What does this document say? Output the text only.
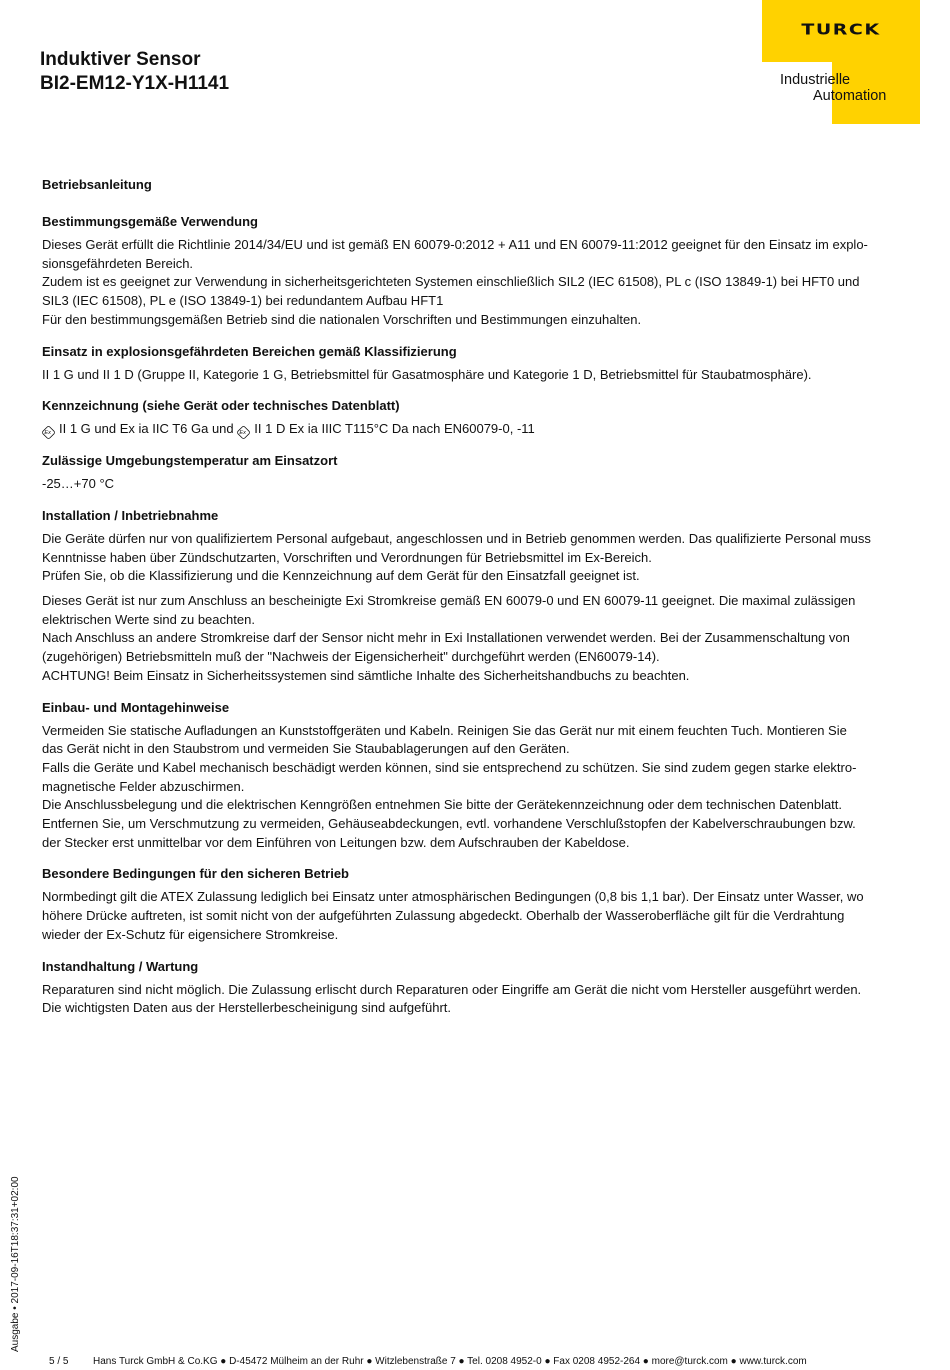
Induktiver Sensor
BI2-EM12-Y1X-H1141
TURCK
Industrielle
Automation
Betriebsanleitung
Bestimmungsgemäße Verwendung
Dieses Gerät erfüllt die Richtlinie 2014/34/EU und ist gemäß EN 60079-0:2012 + A11 und EN 60079-11:2012 geeignet für den Einsatz im explo-
sionsgefährdeten Bereich.
Zudem ist es geeignet zur Verwendung in sicherheitsgerichteten Systemen einschließlich SIL2 (IEC 61508), PL c (ISO 13849-1) bei HFT0 und
SIL3 (IEC 61508), PL e (ISO 13849-1) bei redundantem Aufbau HFT1
Für den bestimmungsgemäßen Betrieb sind die nationalen Vorschriften und Bestimmungen einzuhalten.
Einsatz in explosionsgefährdeten Bereichen gemäß Klassifizierung
II 1 G und II 1 D (Gruppe II, Kategorie 1 G, Betriebsmittel für Gasatmosphäre und Kategorie 1 D, Betriebsmittel für Staubatmosphäre).
Kennzeichnung (siehe Gerät oder technisches Datenblatt)
Ex II 1 G und Ex ia IIC T6 Ga und Ex II 1 D Ex ia IIIC T115°C Da nach EN60079-0, -11
Zulässige Umgebungstemperatur am Einsatzort
-25…+70 °C
Installation / Inbetriebnahme
Die Geräte dürfen nur von qualifiziertem Personal aufgebaut, angeschlossen und in Betrieb genommen werden. Das qualifizierte Personal muss
Kenntnisse haben über Zündschutzarten, Vorschriften und Verordnungen für Betriebsmittel im Ex-Bereich.
Prüfen Sie, ob die Klassifizierung und die Kennzeichnung auf dem Gerät für den Einsatzfall geeignet ist.
Dieses Gerät ist nur zum Anschluss an bescheinigte Exi Stromkreise gemäß EN 60079-0 und EN 60079-11 geeignet. Die maximal zulässigen
elektrischen Werte sind zu beachten.
Nach Anschluss an andere Stromkreise darf der Sensor nicht mehr in Exi Installationen verwendet werden. Bei der Zusammenschaltung von
(zugehörigen) Betriebsmitteln muß der "Nachweis der Eigensicherheit" durchgeführt werden (EN60079-14).
ACHTUNG! Beim Einsatz in Sicherheitssystemen sind sämtliche Inhalte des Sicherheitshandbuchs zu beachten.
Einbau- und Montagehinweise
Vermeiden Sie statische Aufladungen an Kunststoffgeräten und Kabeln. Reinigen Sie das Gerät nur mit einem feuchten Tuch. Montieren Sie
das Gerät nicht in den Staubstrom und vermeiden Sie Staubablagerungen auf den Geräten.
Falls die Geräte und Kabel mechanisch beschädigt werden können, sind sie entsprechend zu schützen. Sie sind zudem gegen starke elektro-
magnetische Felder abzuschirmen.
Die Anschlussbelegung und die elektrischen Kenngrößen entnehmen Sie bitte der Gerätekennzeichnung oder dem technischen Datenblatt.
Entfernen Sie, um Verschmutzung zu vermeiden, Gehäuseabdeckungen, evtl. vorhandene Verschlußstopfen der Kabelverschraubungen bzw.
der Stecker erst unmittelbar vor dem Einführen von Leitungen bzw. dem Aufschrauben der Kabeldose.
Besondere Bedingungen für den sicheren Betrieb
Normbedingt gilt die ATEX Zulassung lediglich bei Einsatz unter atmosphärischen Bedingungen (0,8 bis 1,1 bar). Der Einsatz unter Wasser, wo
höhere Drücke auftreten, ist somit nicht von der aufgeführten Zulassung abgedeckt. Oberhalb der Wasseroberfläche gilt für die Verdrahtung
wieder der Ex-Schutz für eigensichere Stromkreise.
Instandhaltung / Wartung
Reparaturen sind nicht möglich. Die Zulassung erlischt durch Reparaturen oder Eingriffe am Gerät die nicht vom Hersteller ausgeführt werden.
Die wichtigsten Daten aus der Herstellerbescheinigung sind aufgeführt.
Ausgabe • 2017-09-16T18:37:31+02:00
5 / 5 Hans Turck GmbH & Co.KG ● D-45472 Mülheim an der Ruhr ● Witzlebenstraße 7 ● Tel. 0208 4952-0 ● Fax 0208 4952-264 ● more@turck.com ● www.turck.com
